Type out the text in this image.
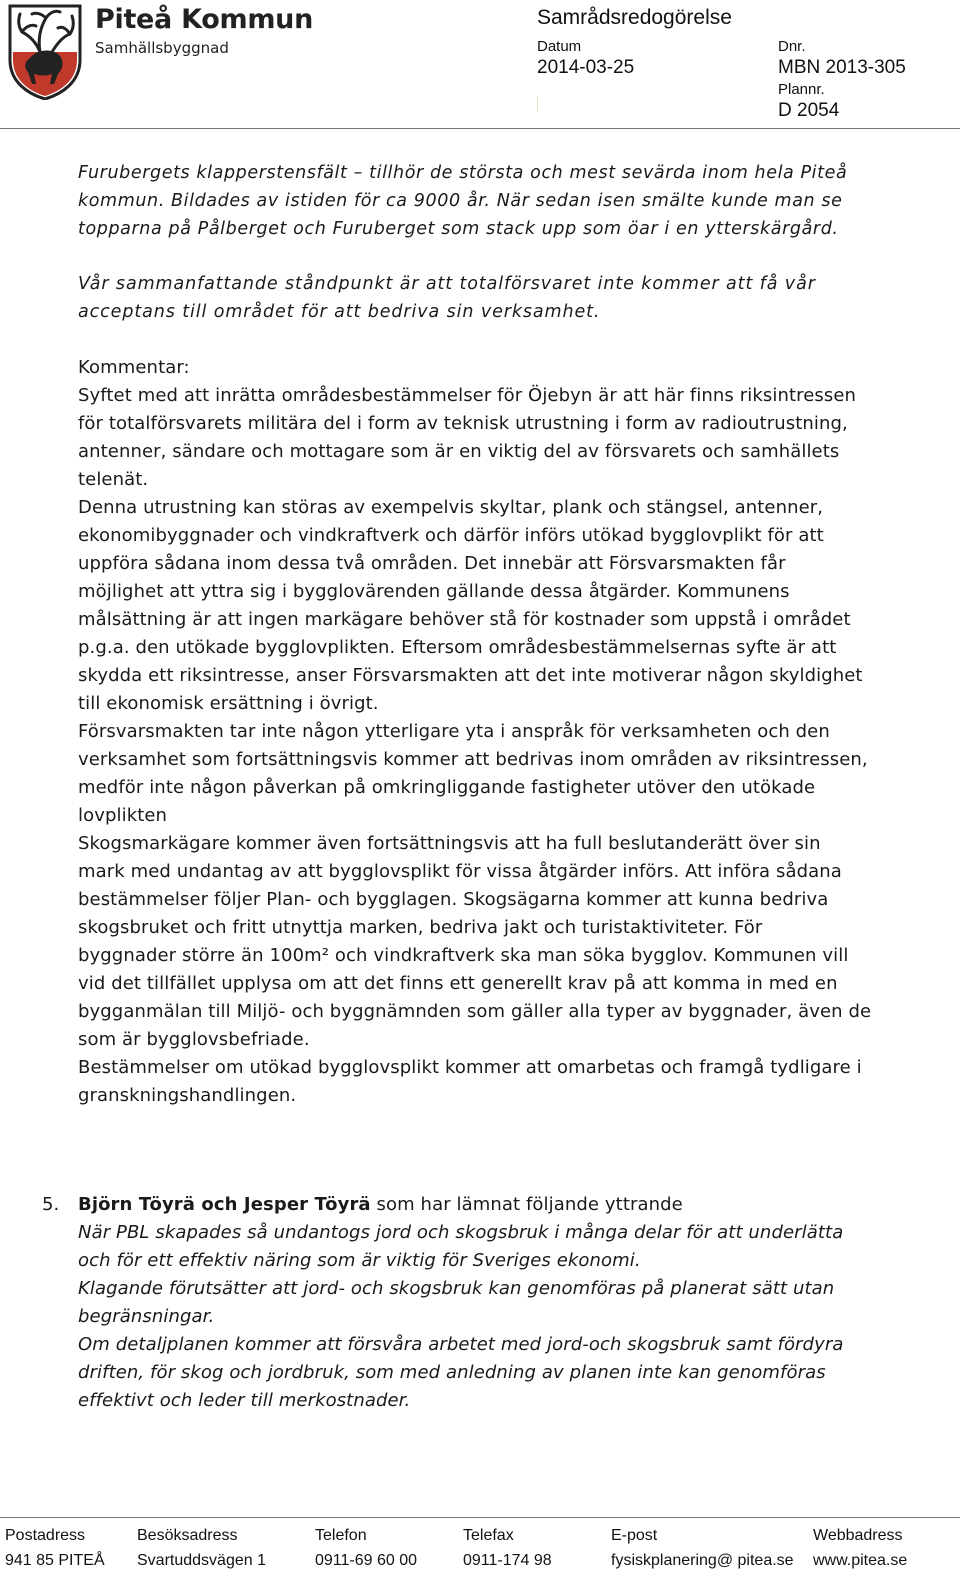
Piteå Kommun
Samhällsbyggnad
Samrådsredogörelse
Datum
2014-03-25
Dnr.
MBN 2013-305
Plannr.
D 2054
Furubergets klapperstensfält – tillhör de största och mest sevärda inom hela Piteå
kommun. Bildades av istiden för ca 9000 år. När sedan isen smälte kunde man se
topparna på Pålberget och Furuberget som stack upp som öar i en ytterskärgård.
Vår sammanfattande ståndpunkt är att totalförsvaret inte kommer att få vår
acceptans till området för att bedriva sin verksamhet.
Kommentar:
Syftet med att inrätta områdesbestämmelser för Öjebyn är att här finns riksintressen
för totalförsvarets militära del i form av teknisk utrustning i form av radioutrustning,
antenner, sändare och mottagare som är en viktig del av försvarets och samhällets
telenät.
Denna utrustning kan störas av exempelvis skyltar, plank och stängsel, antenner,
ekonomibyggnader och vindkraftverk och därför införs utökad bygglovplikt för att
uppföra sådana inom dessa två områden. Det innebär att Försvarsmakten får
möjlighet att yttra sig i bygglovärenden gällande dessa åtgärder. Kommunens
målsättning är att ingen markägare behöver stå för kostnader som uppstå i området
p.g.a. den utökade bygglovplikten. Eftersom områdesbestämmelsernas syfte är att
skydda ett riksintresse, anser Försvarsmakten att det inte motiverar någon skyldighet
till ekonomisk ersättning i övrigt.
Försvarsmakten tar inte någon ytterligare yta i anspråk för verksamheten och den
verksamhet som fortsättningsvis kommer att bedrivas inom områden av riksintressen,
medför inte någon påverkan på omkringliggande fastigheter utöver den utökade
lovplikten
Skogsmarkägare kommer även fortsättningsvis att ha full beslutanderätt över sin
mark med undantag av att bygglovsplikt för vissa åtgärder införs. Att införa sådana
bestämmelser följer Plan- och bygglagen. Skogsägarna kommer att kunna bedriva
skogsbruket och fritt utnyttja marken, bedriva jakt och turistaktiviteter. För
byggnader större än 100m² och vindkraftverk ska man söka bygglov. Kommunen vill
vid det tillfället upplysa om att det finns ett generellt krav på att komma in med en
bygganmälan till Miljö- och byggnämnden som gäller alla typer av byggnader, även de
som är bygglovsbefriade.
Bestämmelser om utökad bygglovsplikt kommer att omarbetas och framgå tydligare i
granskningshandlingen.
5. Björn Töyrä och Jesper Töyrä som har lämnat följande yttrande
När PBL skapades så undantogs jord och skogsbruk i många delar för att underlätta
och för ett effektiv näring som är viktig för Sveriges ekonomi.
Klagande förutsätter att jord- och skogsbruk kan genomföras på planerat sätt utan
begränsningar.
Om detaljplanen kommer att försvåra arbetet med jord-och skogsbruk samt fördyra
driften, för skog och jordbruk, som med anledning av planen inte kan genomföras
effektivt och leder till merkostnader.
Postadress
941 85 PITEÅ
Besöksadress
Svartuddsvägen 1
Telefon
0911-69 60 00
Telefax
0911-174 98
E-post
fysiskplanering@ pitea.se
Webbadress
www.pitea.se
